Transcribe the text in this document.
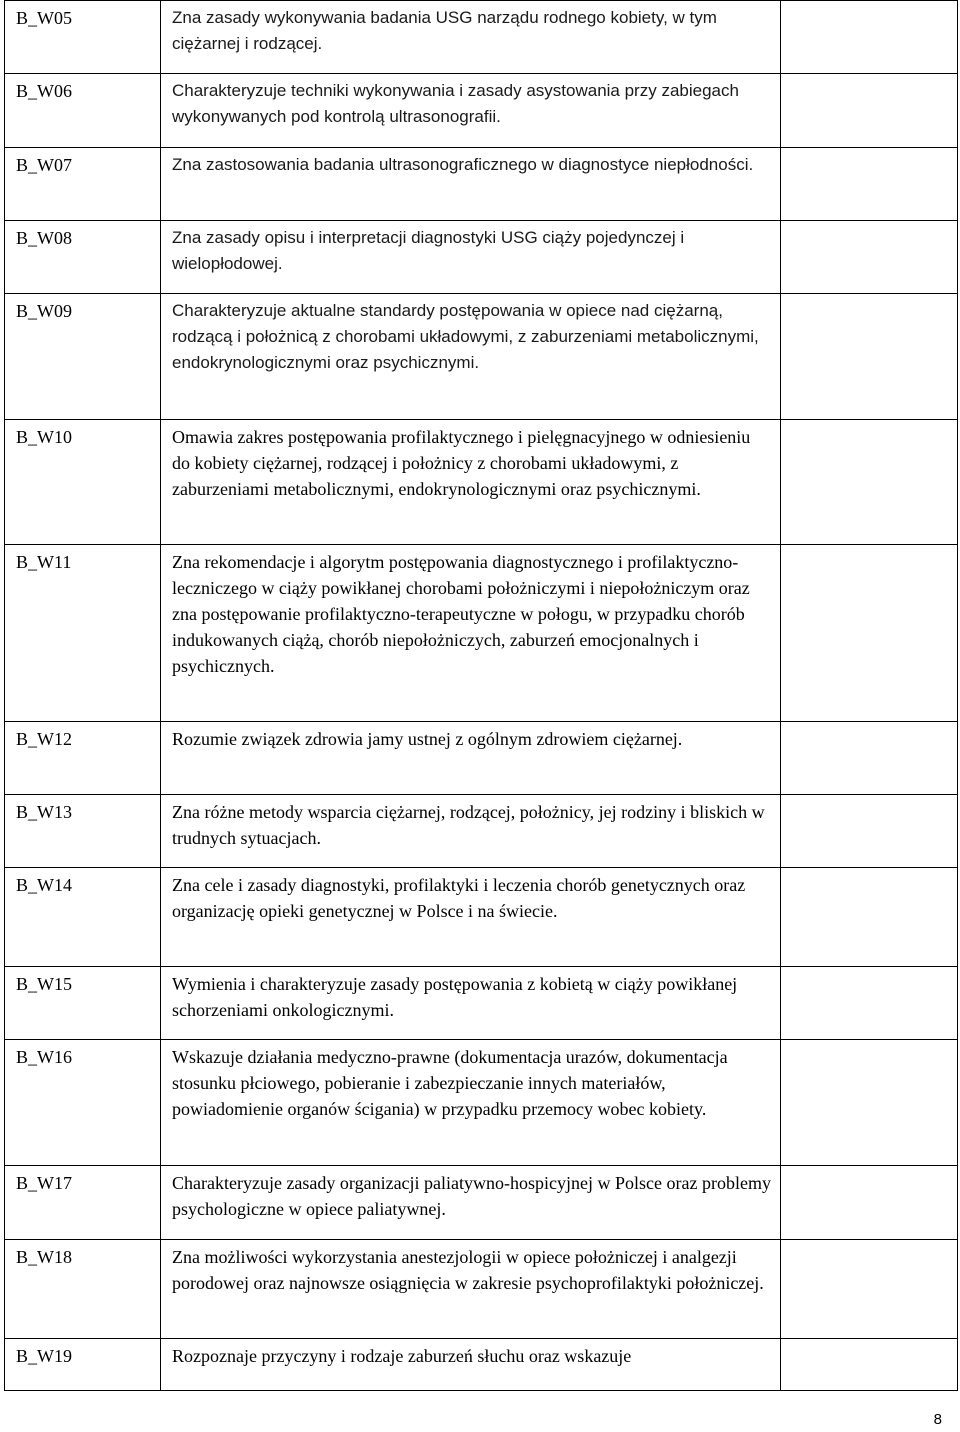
B_W05	Zna zasady wykonywania badania USG narządu rodnego kobiety, w tym ciężarnej i rodzącej.	
B_W06	Charakteryzuje techniki wykonywania i zasady asystowania przy zabiegach wykonywanych pod kontrolą ultrasonografii.	
B_W07	Zna zastosowania badania ultrasonograficznego w diagnostyce niepłodności.	
B_W08	Zna zasady opisu i interpretacji diagnostyki USG ciąży pojedynczej i wielopłodowej.	
B_W09	Charakteryzuje aktualne standardy postępowania w opiece nad ciężarną, rodzącą i położnicą z chorobami układowymi, z zaburzeniami metabolicznymi, endokrynologicznymi oraz psychicznymi.	
B_W10	Omawia zakres postępowania profilaktycznego i pielęgnacyjnego w odniesieniu do kobiety ciężarnej, rodzącej i położnicy z chorobami układowymi, z zaburzeniami metabolicznymi, endokrynologicznymi oraz psychicznymi.	
B_W11	Zna rekomendacje i algorytm postępowania diagnostycznego i profilaktyczno-leczniczego w ciąży powikłanej chorobami położniczymi i niepołożniczym oraz zna postępowanie profilaktyczno-terapeutyczne w połogu, w przypadku chorób indukowanych ciążą, chorób niepołożniczych, zaburzeń emocjonalnych i psychicznych.	
B_W12	Rozumie związek zdrowia jamy ustnej z ogólnym zdrowiem ciężarnej.	
B_W13	Zna różne metody wsparcia ciężarnej, rodzącej, położnicy, jej rodziny i bliskich w trudnych sytuacjach.	
B_W14	Zna cele i zasady diagnostyki, profilaktyki i leczenia chorób genetycznych oraz organizację opieki genetycznej w Polsce i na świecie.	
B_W15	Wymienia i charakteryzuje zasady postępowania z kobietą w ciąży powikłanej schorzeniami onkologicznymi.	
B_W16	Wskazuje działania medyczno-prawne (dokumentacja urazów, dokumentacja stosunku płciowego, pobieranie i zabezpieczanie innych materiałów, powiadomienie organów ścigania) w przypadku przemocy wobec kobiety.	
B_W17	Charakteryzuje zasady organizacji paliatywno-hospicyjnej w Polsce oraz problemy psychologiczne w opiece paliatywnej.	
B_W18	Zna możliwości wykorzystania anestezjologii w opiece położniczej i analgezji porodowej oraz najnowsze osiągnięcia w zakresie psychoprofilaktyki położniczej.	
B_W19	Rozpoznaje przyczyny i rodzaje zaburzeń słuchu oraz wskazuje	
8
